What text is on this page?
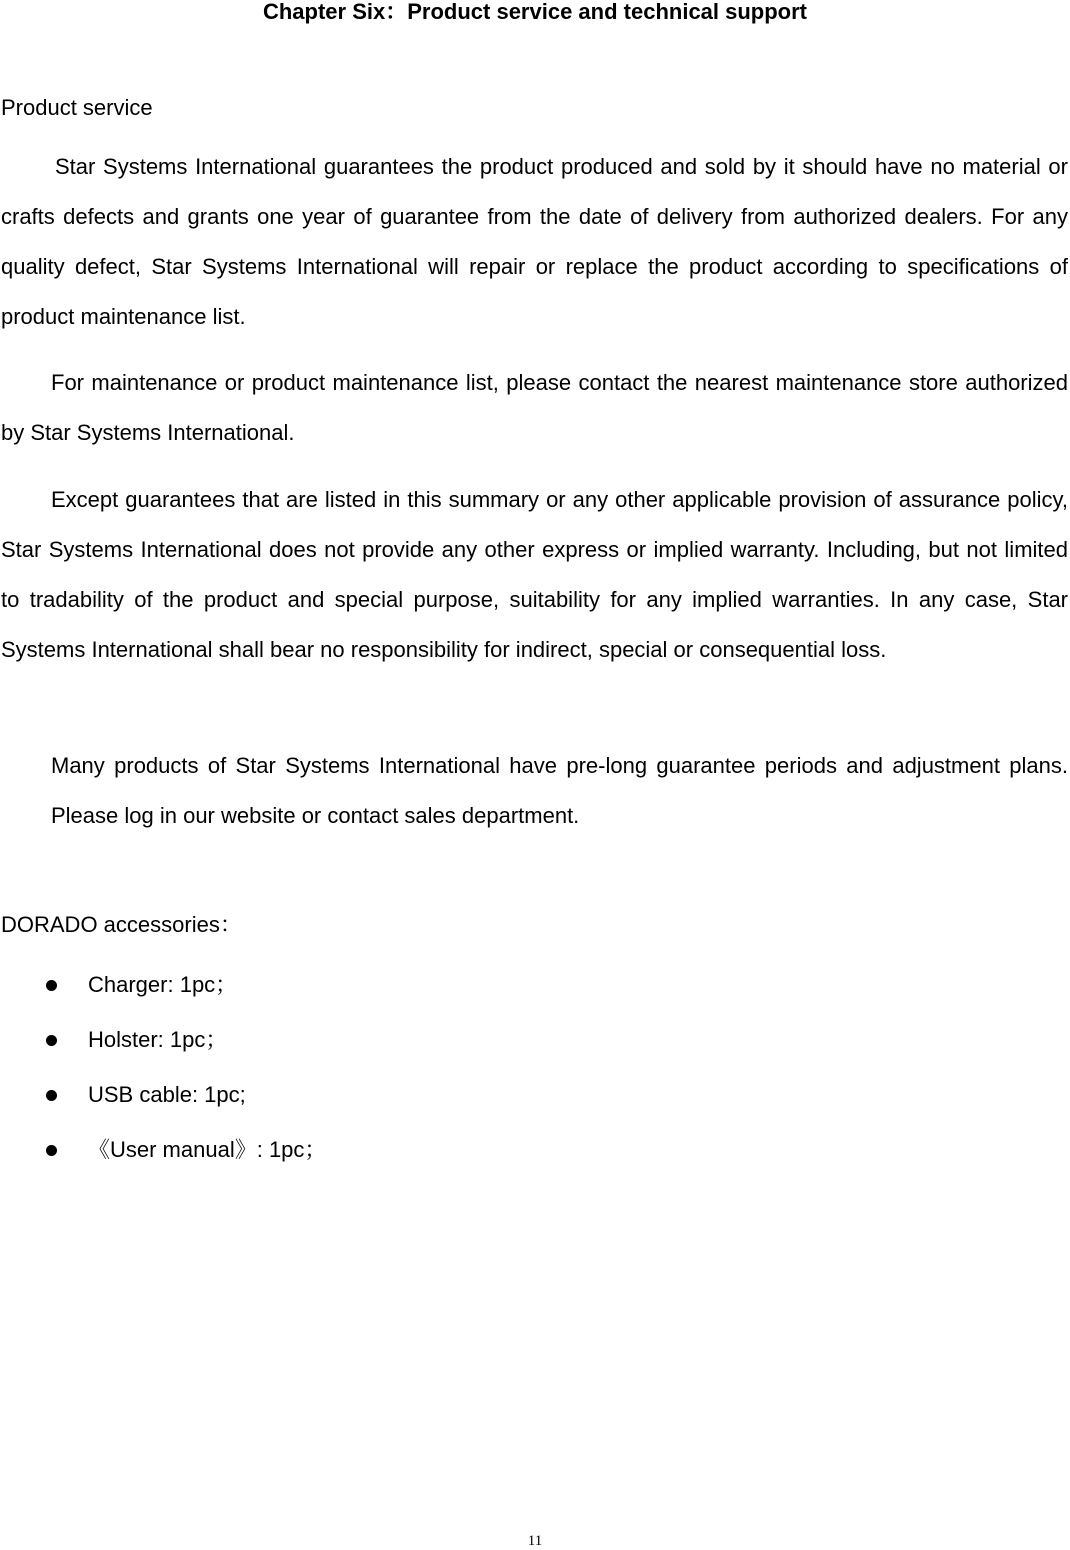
Chapter Six：Product service and technical support
Product service

Star Systems International guarantees the product produced and sold by it should have no material or crafts defects and grants one year of guarantee from the date of delivery from authorized dealers. For any quality defect, Star Systems International will repair or replace the product according to specifications of product maintenance list.

For maintenance or product maintenance list, please contact the nearest maintenance store authorized by Star Systems International.

Except guarantees that are listed in this summary or any other applicable provision of assurance policy, Star Systems International does not provide any other express or implied warranty. Including, but not limited to tradability of the product and special purpose, suitability for any implied warranties. In any case, Star Systems International shall bear no responsibility for indirect, special or consequential loss.

Many products of Star Systems International have pre-long guarantee periods and adjustment plans. Please log in our website or contact sales department.

DORADO accessories：
Charger: 1pc；
Holster: 1pc；
USB cable: 1pc;
《User manual》: 1pc；
11
